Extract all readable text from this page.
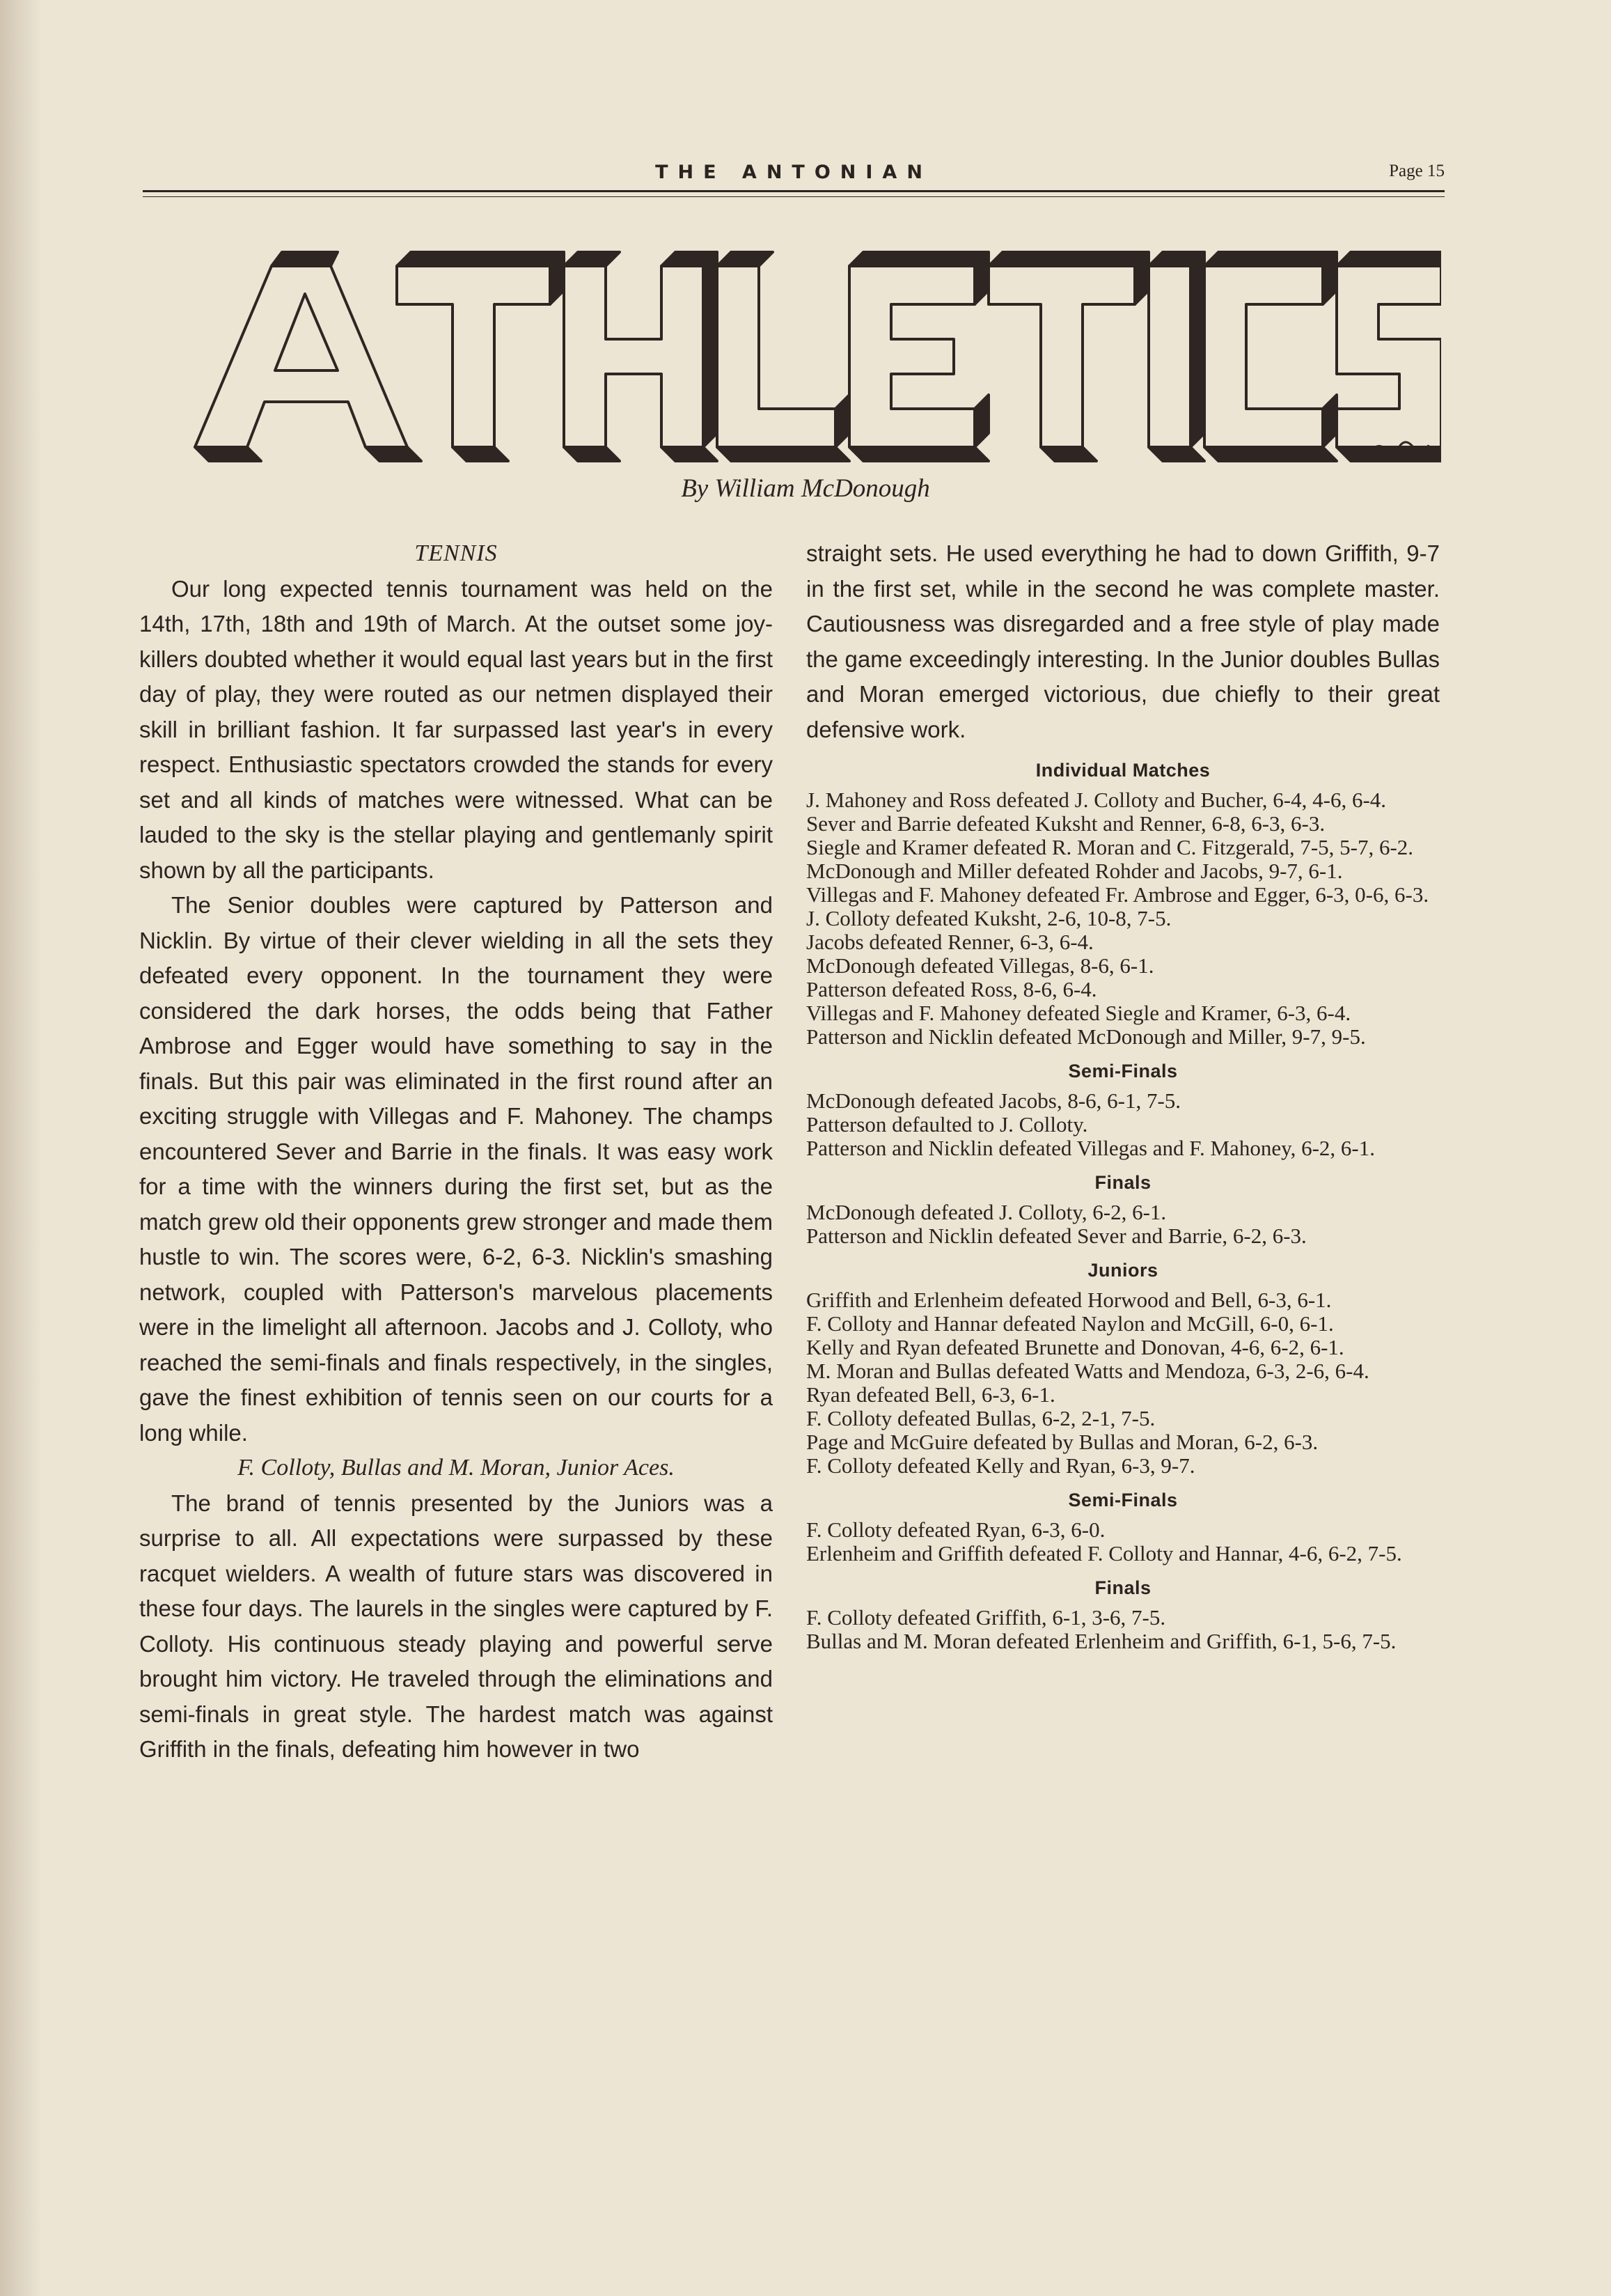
THE ANTONIAN	Page 15
By William McDonough

TENNIS

Our long expected tennis tournament was held on the 14th, 17th, 18th and 19th of March. At the outset some joy-killers doubted whether it would equal last years but in the first day of play, they were routed as our netmen displayed their skill in brilliant fashion. It far surpassed last year's in every respect. Enthusiastic spectators crowded the stands for every set and all kinds of matches were witnessed. What can be lauded to the sky is the stellar playing and gentlemanly spirit shown by all the participants.

The Senior doubles were captured by Patterson and Nicklin. By virtue of their clever wielding in all the sets they defeated every opponent. In the tournament they were considered the dark horses, the odds being that Father Ambrose and Egger would have something to say in the finals. But this pair was eliminated in the first round after an exciting struggle with Villegas and F. Mahoney. The champs encountered Sever and Barrie in the finals. It was easy work for a time with the winners during the first set, but as the match grew old their opponents grew stronger and made them hustle to win. The scores were, 6-2, 6-3. Nicklin's smashing network, coupled with Patterson's marvelous placements were in the limelight all afternoon. Jacobs and J. Colloty, who reached the semi-finals and finals respectively, in the singles, gave the finest exhibition of tennis seen on our courts for a long while.

F. Colloty, Bullas and M. Moran, Junior Aces.

The brand of tennis presented by the Juniors was a surprise to all. All expectations were surpassed by these racquet wielders. A wealth of future stars was discovered in these four days. The laurels in the singles were captured by F. Colloty. His continuous steady playing and powerful serve brought him victory. He traveled through the eliminations and semi-finals in great style. The hardest match was against Griffith in the finals, defeating him however in two

straight sets. He used everything he had to down Griffith, 9-7 in the first set, while in the second he was complete master. Cautiousness was disregarded and a free style of play made the game exceedingly interesting. In the Junior doubles Bullas and Moran emerged victorious, due chiefly to their great defensive work.

Individual Matches
J. Mahoney and Ross defeated J. Colloty and Bucher, 6-4, 4-6, 6-4.
Sever and Barrie defeated Kuksht and Renner, 6-8, 6-3, 6-3.
Siegle and Kramer defeated R. Moran and C. Fitzgerald, 7-5, 5-7, 6-2.
McDonough and Miller defeated Rohder and Jacobs, 9-7, 6-1.
Villegas and F. Mahoney defeated Fr. Ambrose and Egger, 6-3, 0-6, 6-3.
J. Colloty defeated Kuksht, 2-6, 10-8, 7-5.
Jacobs defeated Renner, 6-3, 6-4.
McDonough defeated Villegas, 8-6, 6-1.
Patterson defeated Ross, 8-6, 6-4.
Villegas and F. Mahoney defeated Siegle and Kramer, 6-3, 6-4.
Patterson and Nicklin defeated McDonough and Miller, 9-7, 9-5.
Semi-Finals
McDonough defeated Jacobs, 8-6, 6-1, 7-5.
Patterson defaulted to J. Colloty.
Patterson and Nicklin defeated Villegas and F. Mahoney, 6-2, 6-1.
Finals
McDonough defeated J. Colloty, 6-2, 6-1.
Patterson and Nicklin defeated Sever and Barrie, 6-2, 6-3.
Juniors
Griffith and Erlenheim defeated Horwood and Bell, 6-3, 6-1.
F. Colloty and Hannar defeated Naylon and McGill, 6-0, 6-1.
Kelly and Ryan defeated Brunette and Donovan, 4-6, 6-2, 6-1.
M. Moran and Bullas defeated Watts and Mendoza, 6-3, 2-6, 6-4.
Ryan defeated Bell, 6-3, 6-1.
F. Colloty defeated Bullas, 6-2, 2-1, 7-5.
Page and McGuire defeated by Bullas and Moran, 6-2, 6-3.
F. Colloty defeated Kelly and Ryan, 6-3, 9-7.
Semi-Finals
F. Colloty defeated Ryan, 6-3, 6-0.
Erlenheim and Griffith defeated F. Colloty and Hannar, 4-6, 6-2, 7-5.
Finals
F. Colloty defeated Griffith, 6-1, 3-6, 7-5.
Bullas and M. Moran defeated Erlenheim and Griffith, 6-1, 5-6, 7-5.
